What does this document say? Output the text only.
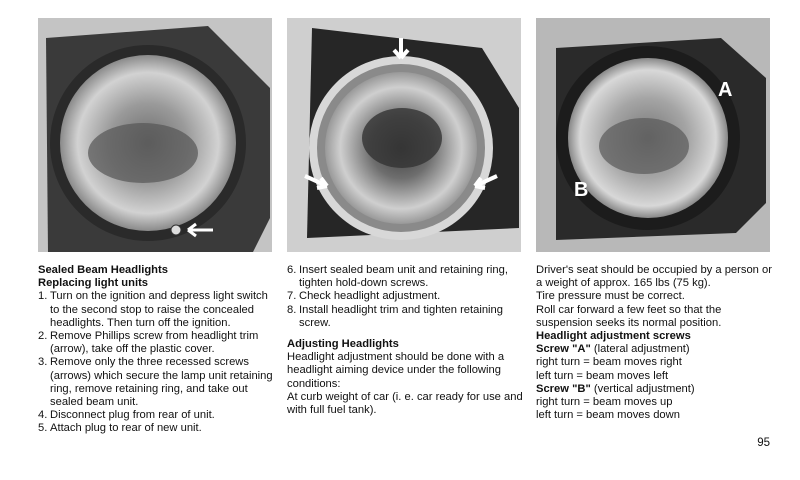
A
B
Sealed Beam Headlights
Replacing light units
1. Turn on the ignition and depress light switch to the second stop to raise the concealed headlights. Then turn off the ignition.
2. Remove Phillips screw from headlight trim (arrow), take off the plastic cover.
3. Remove only the three recessed screws (arrows) which secure the lamp unit retaining ring, remove retaining ring, and take out sealed beam unit.
4. Disconnect plug from rear of unit.
5. Attach plug to rear of new unit.
6. Insert sealed beam unit and retaining ring, tighten hold-down screws.
7. Check headlight adjustment.
8. Install headlight trim and tighten retaining screw.
Adjusting Headlights
Headlight adjustment should be done with a headlight aiming device under the following conditions:
At curb weight of car (i. e. car ready for use and with full fuel tank).
Driver's seat should be occupied by a person or a weight of approx. 165 lbs (75 kg).
Tire pressure must be correct.
Roll car forward a few feet so that the suspension seeks its normal position.
Headlight adjustment screws
Screw "A" (lateral adjustment)
right turn = beam moves right
left turn = beam moves left
Screw "B" (vertical adjustment)
right turn = beam moves up
left turn = beam moves down
95
